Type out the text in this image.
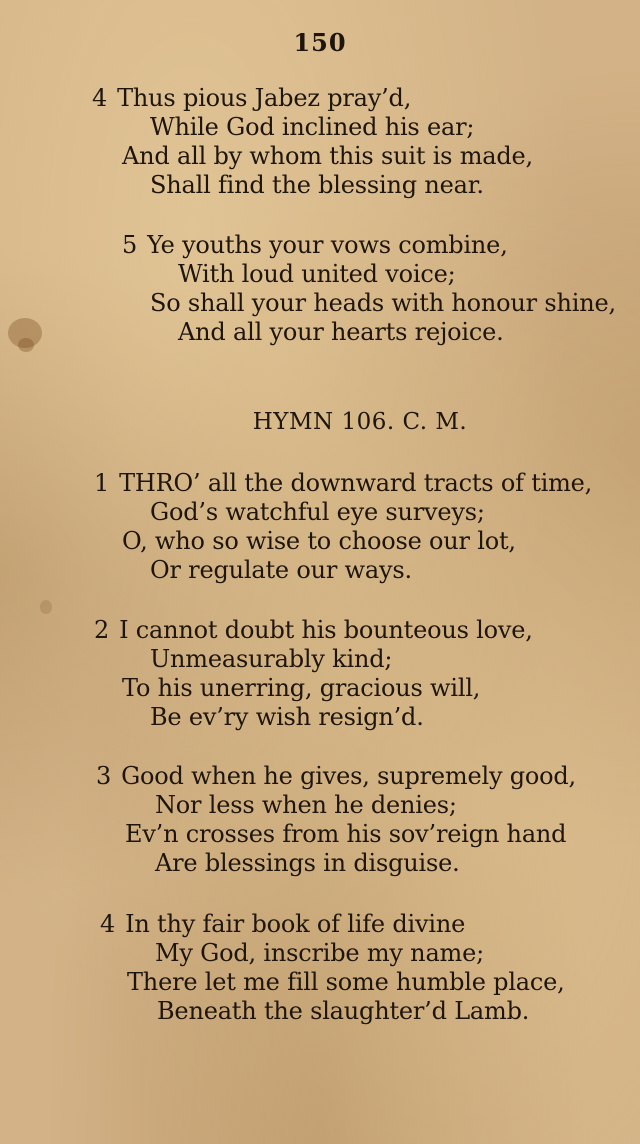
150
4 Thus pious Jabez pray’d,
While God inclined his ear;
And all by whom this suit is made,
Shall find the blessing near.
5 Ye youths your vows combine,
With loud united voice;
So shall your heads with honour shine,
And all your hearts rejoice.
HYMN 106. C. M.
1 THRO’ all the downward tracts of time,
God’s watchful eye surveys;
O, who so wise to choose our lot,
Or regulate our ways.
2 I cannot doubt his bounteous love,
Unmeasurably kind;
To his unerring, gracious will,
Be ev’ry wish resign’d.
3 Good when he gives, supremely good,
Nor less when he denies;
Ev’n crosses from his sov’reign hand
Are blessings in disguise.
4 In thy fair book of life divine
My God, inscribe my name;
There let me fill some humble place,
Beneath the slaughter’d Lamb.
